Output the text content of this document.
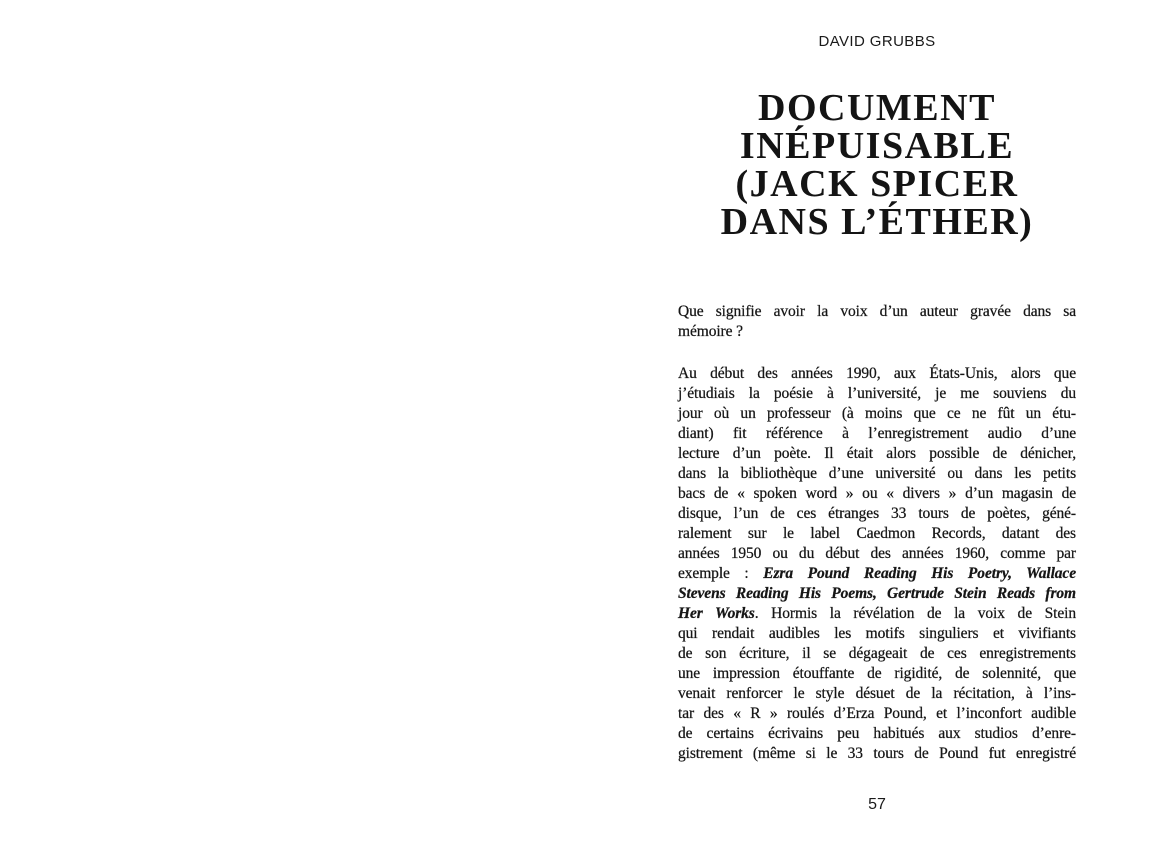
DAVID GRUBBS
DOCUMENT
INÉPUISABLE
(JACK SPICER
DANS L’ÉTHER)
Que signifie avoir la voix d’un auteur gravée dans sa
mémoire ?
Au début des années 1990, aux États-Unis, alors que
j’étudiais la poésie à l’université, je me souviens du
jour où un professeur (à moins que ce ne fût un étu-
diant) fit référence à l’enregistrement audio d’une
lecture d’un poète. Il était alors possible de dénicher,
dans la bibliothèque d’une université ou dans les petits
bacs de « spoken word » ou « divers » d’un magasin de
disque, l’un de ces étranges 33 tours de poètes, géné-
ralement sur le label Caedmon Records, datant des
années 1950 ou du début des années 1960, comme par
exemple : Ezra Pound Reading His Poetry, Wallace
Stevens Reading His Poems, Gertrude Stein Reads from
Her Works. Hormis la révélation de la voix de Stein
qui rendait audibles les motifs singuliers et vivifiants
de son écriture, il se dégageait de ces enregistrements
une impression étouffante de rigidité, de solennité, que
venait renforcer le style désuet de la récitation, à l’ins-
tar des « R » roulés d’Erza Pound, et l’inconfort audible
de certains écrivains peu habitués aux studios d’enre-
gistrement (même si le 33 tours de Pound fut enregistré
57
